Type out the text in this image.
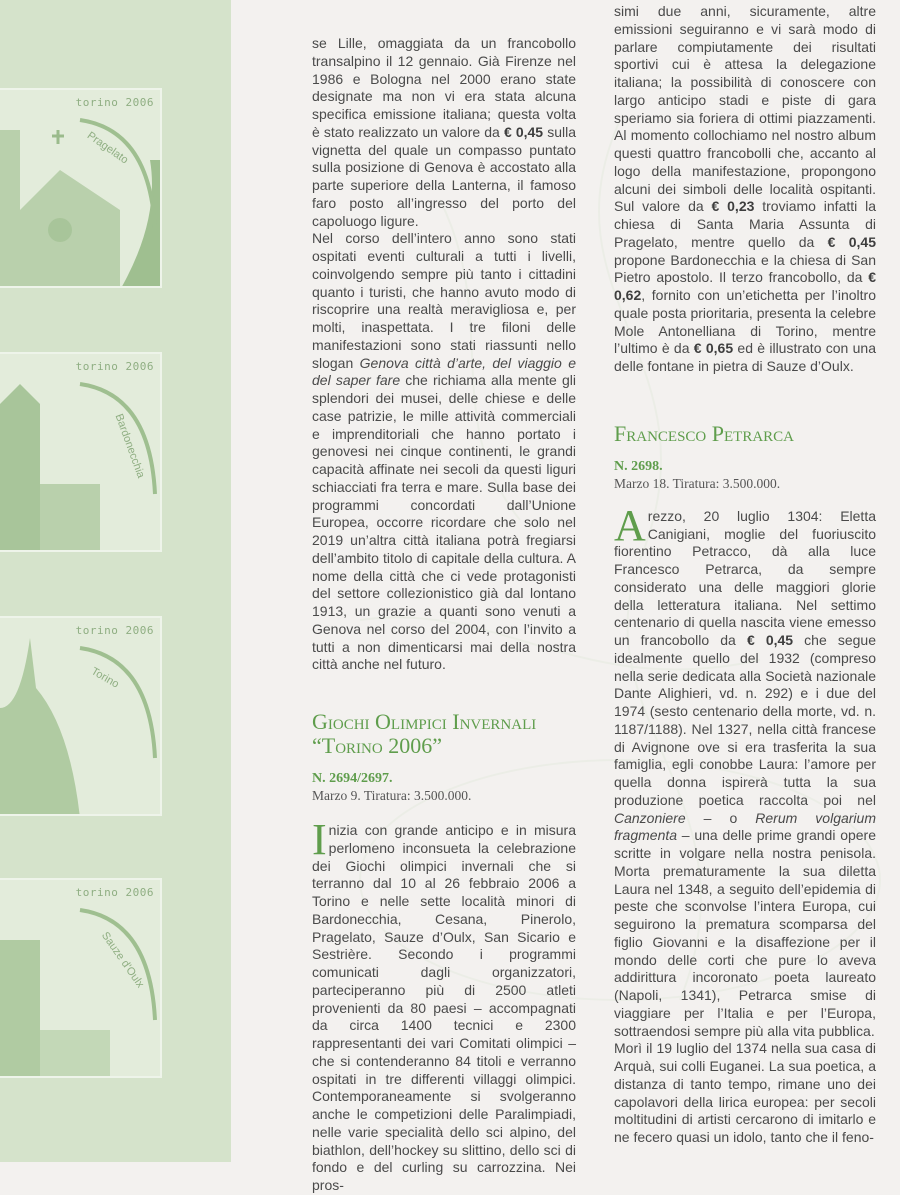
torino 2006
Pragelato
torino 2006
Bardonecchia
torino 2006
Torino
torino 2006
Sauze d'Oulx

se Lille, omaggiata da un francobollo transalpino il 12 gennaio. Già Firenze nel 1986 e Bologna nel 2000 erano state designate ma non vi era stata alcuna specifica emissione italiana; questa volta è stato realizzato un valore da € 0,45 sulla vignetta del quale un compasso puntato sulla posizione di Genova è accostato alla parte superiore della Lanterna, il famoso faro posto all’ingresso del porto del capoluogo ligure.

Nel corso dell’intero anno sono stati ospitati eventi culturali a tutti i livelli, coinvolgendo sempre più tanto i cittadini quanto i turisti, che hanno avuto modo di riscoprire una realtà meravigliosa e, per molti, inaspettata. I tre filoni delle manifestazioni sono stati riassunti nello slogan Genova città d’arte, del viaggio e del saper fare che richiama alla mente gli splendori dei musei, delle chiese e delle case patrizie, le mille attività commerciali e imprenditoriali che hanno portato i genovesi nei cinque continenti, le grandi capacità affinate nei secoli da questi liguri schiacciati fra terra e mare. Sulla base dei programmi concordati dall’Unione Europea, occorre ricordare che solo nel 2019 un’altra città italiana potrà fregiarsi dell’ambito titolo di capitale della cultura. A nome della città che ci vede protagonisti del settore collezionistico già dal lontano 1913, un grazie a quanti sono venuti a Genova nel corso del 2004, con l’invito a tutti a non dimenticarsi mai della nostra città anche nel futuro.

Giochi Olimpici Invernali
“Torino 2006”
N. 2694/2697.
Marzo 9. Tiratura: 3.500.000.

Inizia con grande anticipo e in misura perlomeno inconsueta la celebrazione dei Giochi olimpici invernali che si terranno dal 10 al 26 febbraio 2006 a Torino e nelle sette località minori di Bardonecchia, Cesana, Pinerolo, Pragelato, Sauze d’Oulx, San Sicario e Sestrière. Secondo i programmi comunicati dagli organizzatori, parteciperanno più di 2500 atleti provenienti da 80 paesi – accompagnati da circa 1400 tecnici e 2300 rappresentanti dei vari Comitati olimpici – che si contenderanno 84 titoli e verranno ospitati in tre differenti villaggi olimpici. Contemporaneamente si svolgeranno anche le competizioni delle Paralimpiadi, nelle varie specialità dello sci alpino, del biathlon, dell’hockey su slittino, dello sci di fondo e del curling su carrozzina. Nei pros-

simi due anni, sicuramente, altre emissioni seguiranno e vi sarà modo di parlare compiutamente dei risultati sportivi cui è attesa la delegazione italiana; la possibilità di conoscere con largo anticipo stadi e piste di gara speriamo sia foriera di ottimi piazzamenti. Al momento collochiamo nel nostro album questi quattro francobolli che, accanto al logo della manifestazione, propongono alcuni dei simboli delle località ospitanti. Sul valore da € 0,23 troviamo infatti la chiesa di Santa Maria Assunta di Pragelato, mentre quello da € 0,45 propone Bardonecchia e la chiesa di San Pietro apostolo. Il terzo francobollo, da € 0,62, fornito con un’etichetta per l’inoltro quale posta prioritaria, presenta la celebre Mole Antonelliana di Torino, mentre l’ultimo è da € 0,65 ed è illustrato con una delle fontane in pietra di Sauze d’Oulx.

Francesco Petrarca
N. 2698.
Marzo 18. Tiratura: 3.500.000.

Arezzo, 20 luglio 1304: Eletta Canigiani, moglie del fuoriuscito fiorentino Petracco, dà alla luce Francesco Petrarca, da sempre considerato una delle maggiori glorie della letteratura italiana. Nel settimo centenario di quella nascita viene emesso un francobollo da € 0,45 che segue idealmente quello del 1932 (compreso nella serie dedicata alla Società nazionale Dante Alighieri, vd. n. 292) e i due del 1974 (sesto centenario della morte, vd. n. 1187/1188). Nel 1327, nella città francese di Avignone ove si era trasferita la sua famiglia, egli conobbe Laura: l’amore per quella donna ispirerà tutta la sua produzione poetica raccolta poi nel Canzoniere – o Rerum volgarium fragmenta – una delle prime grandi opere scritte in volgare nella nostra penisola. Morta prematuramente la sua diletta Laura nel 1348, a seguito dell’epidemia di peste che sconvolse l’intera Europa, cui seguirono la prematura scomparsa del figlio Giovanni e la disaffezione per il mondo delle corti che pure lo aveva addirittura incoronato poeta laureato (Napoli, 1341), Petrarca smise di viaggiare per l’Italia e per l’Europa, sottraendosi sempre più alla vita pubblica.

Morì il 19 luglio del 1374 nella sua casa di Arquà, sui colli Euganei. La sua poetica, a distanza di tanto tempo, rimane uno dei capolavori della lirica europea: per secoli moltitudini di artisti cercarono di imitarlo e ne fecero quasi un idolo, tanto che il feno-
